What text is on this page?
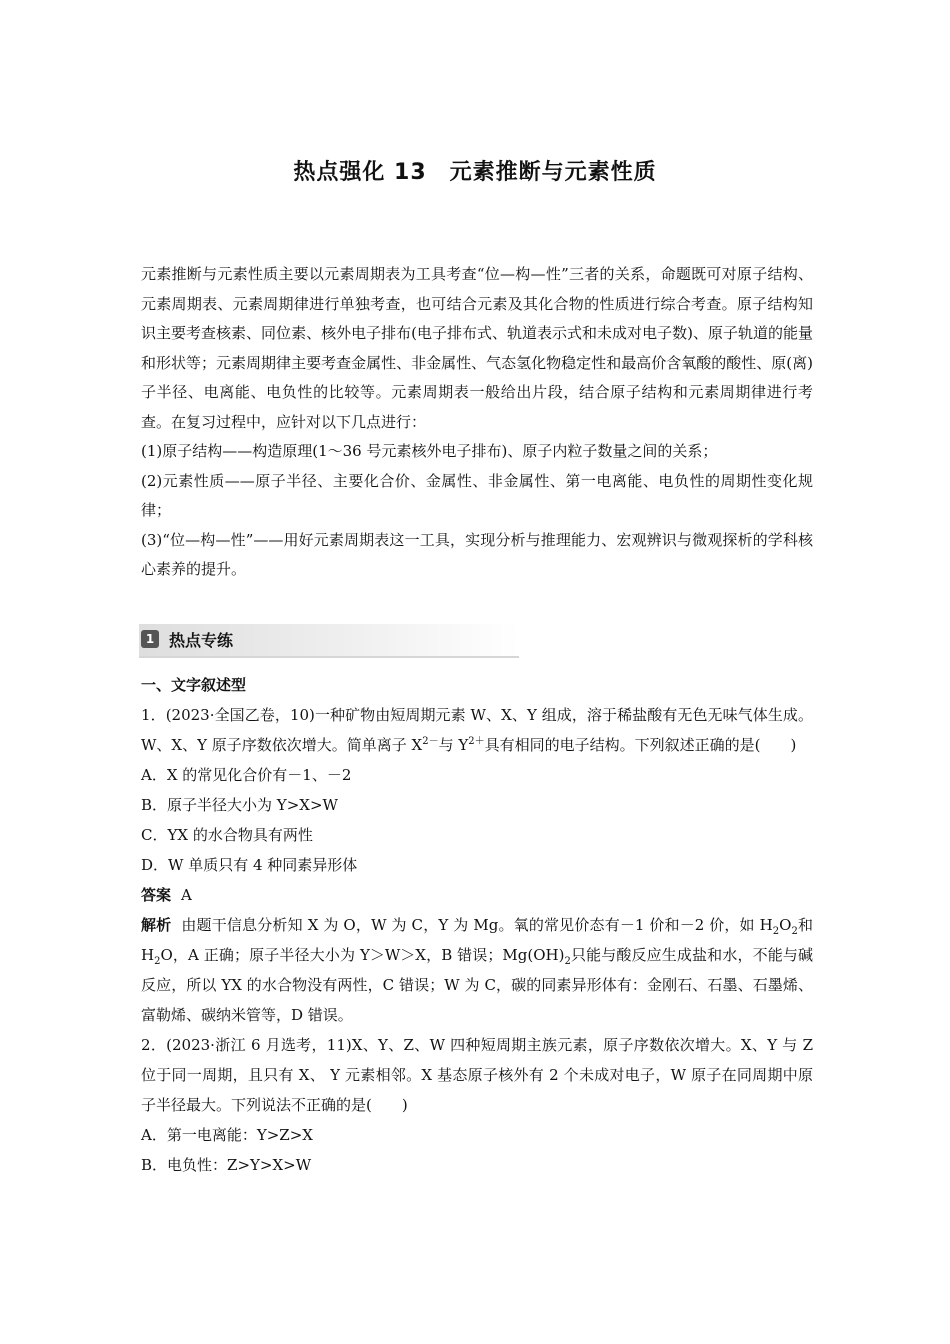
热点强化 13　元素推断与元素性质

元素推断与元素性质主要以元素周期表为工具考查“位—构—性”三者的关系，命题既可对原子结构、元素周期表、元素周期律进行单独考查，也可结合元素及其化合物的性质进行综合考查。原子结构知识主要考查核素、同位素、核外电子排布(电子排布式、轨道表示式和未成对电子数)、原子轨道的能量和形状等；元素周期律主要考查金属性、非金属性、气态氢化物稳定性和最高价含氧酸的酸性、原(离)子半径、电离能、电负性的比较等。元素周期表一般给出片段，结合原子结构和元素周期律进行考查。在复习过程中，应针对以下几点进行：

(1)原子结构——构造原理(1～36 号元素核外电子排布)、原子内粒子数量之间的关系；

(2)元素性质——原子半径、主要化合价、金属性、非金属性、第一电离能、电负性的周期性变化规律；

(3)“位—构—性”——用好元素周期表这一工具，实现分析与推理能力、宏观辨识与微观探析的学科核心素养的提升。

1 热点专练

一、文字叙述型

1．(2023·全国乙卷，10)一种矿物由短周期元素 W、X、Y 组成，溶于稀盐酸有无色无味气体生成。W、X、Y 原子序数依次增大。简单离子 $X^{2-}$与 $Y^{2+}$具有相同的电子结构。下列叙述正确的是(　　)

A．X 的常见化合价有－1、－2

B．原子半径大小为 Y>X>W

C．YX 的水合物具有两性

D．W 单质只有 4 种同素异形体

答案 A

解析 由题干信息分析知 X 为 O，W 为 C，Y 为 Mg。氧的常见价态有－1 价和－2 价，如 $H_2O_2$和 $H_2O$，A 正确；原子半径大小为 Y＞W＞X，B 错误；$Mg(OH)_2$只能与酸反应生成盐和水，不能与碱反应，所以 YX 的水合物没有两性，C 错误；W 为 C，碳的同素异形体有：金刚石、石墨、石墨烯、富勒烯、碳纳米管等，D 错误。

2．(2023·浙江 6 月选考，11)X、Y、Z、W 四种短周期主族元素，原子序数依次增大。X、Y 与 Z 位于同一周期，且只有 X、 Y 元素相邻。X 基态原子核外有 2 个未成对电子，W 原子在同周期中原子半径最大。下列说法不正确的是(　　)

A．第一电离能：Y>Z>X

B．电负性：Z>Y>X>W
